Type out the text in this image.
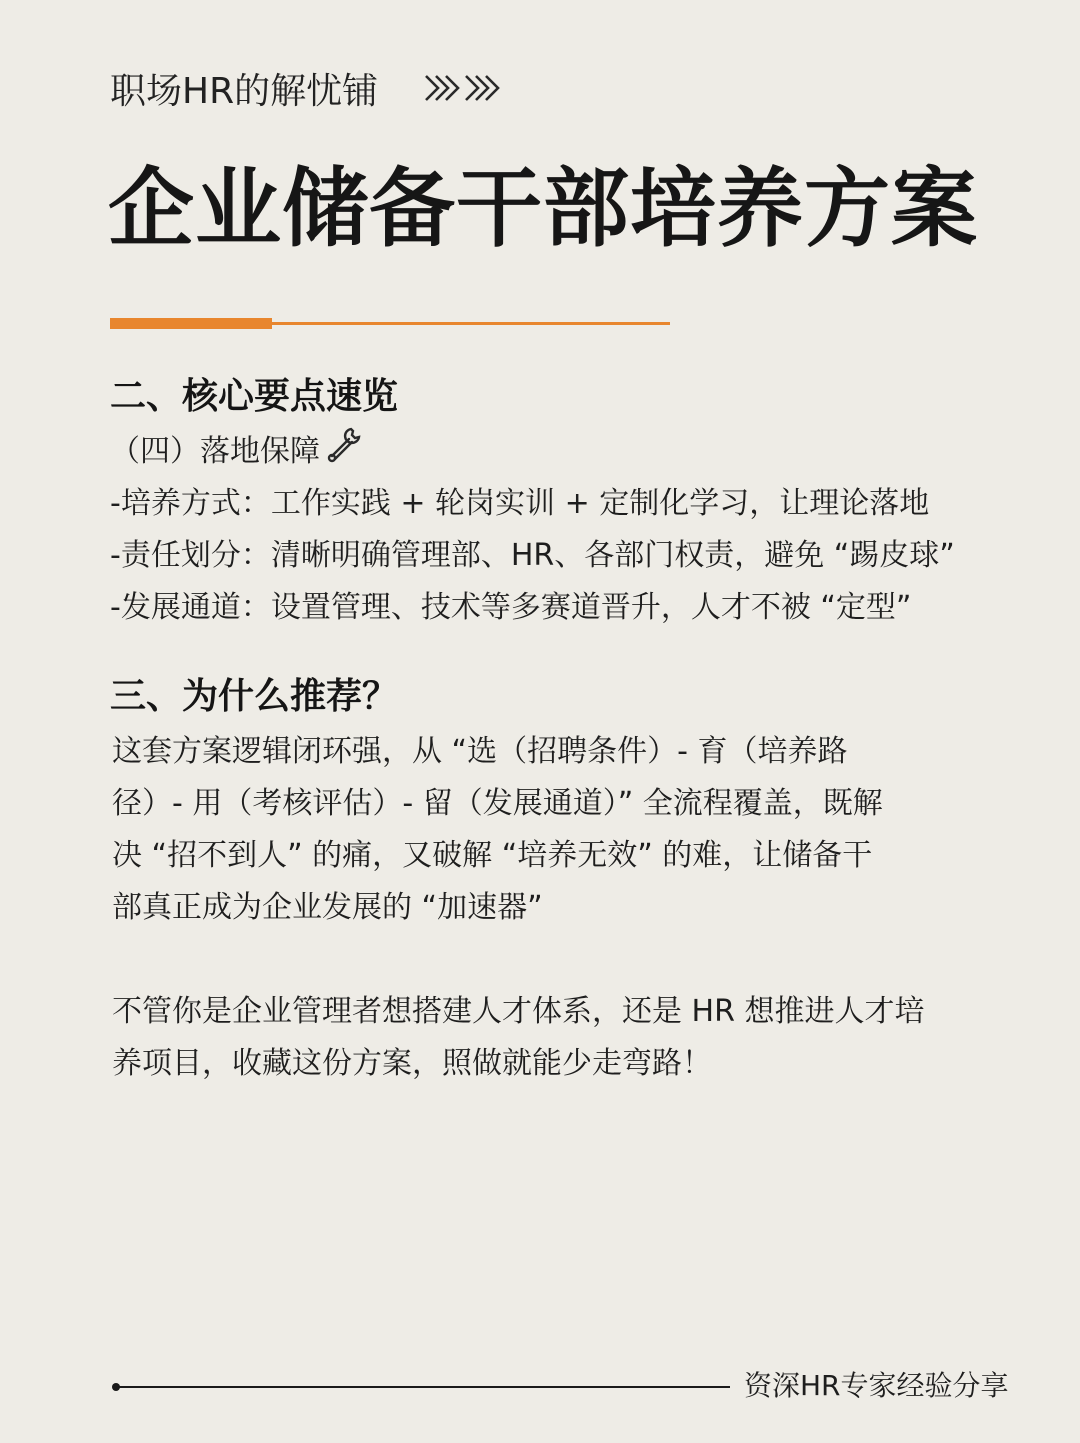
职场HR的解忧铺
企业储备干部培养方案
二、核心要点速览
（四）落地保障
-培养方式：工作实践 + 轮岗实训 + 定制化学习，让理论落地
-责任划分：清晰明确管理部、HR、各部门权责，避免 “踢皮球”
-发展通道：设置管理、技术等多赛道晋升，人才不被 “定型”
三、为什么推荐？
这套方案逻辑闭环强，从 “选（招聘条件）- 育（培养路
径）- 用（考核评估）- 留（发展通道）” 全流程覆盖，既解
决 “招不到人” 的痛，又破解 “培养无效” 的难，让储备干
部真正成为企业发展的 “加速器”
不管你是企业管理者想搭建人才体系，还是 HR 想推进人才培
养项目，收藏这份方案，照做就能少走弯路！
资深HR专家经验分享
